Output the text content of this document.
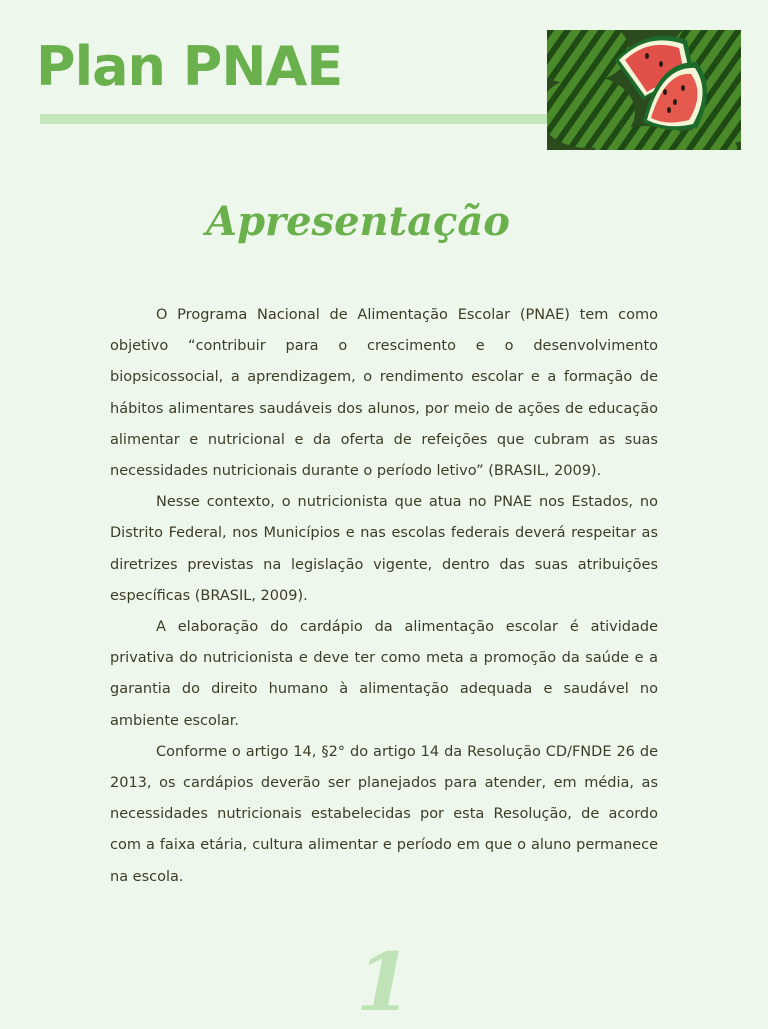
Plan PNAE
Apresentação

O Programa Nacional de Alimentação Escolar (PNAE) tem como objetivo “contribuir para o crescimento e o desenvolvimento biopsicossocial, a aprendizagem, o rendimento escolar e a formação de hábitos alimentares saudáveis dos alunos, por meio de ações de educação alimentar e nutricional e da oferta de refeições que cubram as suas necessidades nutricionais durante o período letivo” (BRASIL, 2009).

Nesse contexto, o nutricionista que atua no PNAE nos Estados, no Distrito Federal, nos Municípios e nas escolas federais deverá respeitar as diretrizes previstas na legislação vigente, dentro das suas atribuições específicas (BRASIL, 2009).

A elaboração do cardápio da alimentação escolar é atividade privativa do nutricionista e deve ter como meta a promoção da saúde e a garantia do direito humano à alimentação adequada e saudável no ambiente escolar.

Conforme o artigo 14, §2° do artigo 14 da Resolução CD/FNDE 26 de 2013, os cardápios deverão ser planejados para atender, em média, as necessidades nutricionais estabelecidas por esta Resolução, de acordo com a faixa etária, cultura alimentar e período em que o aluno permanece na escola.

1
